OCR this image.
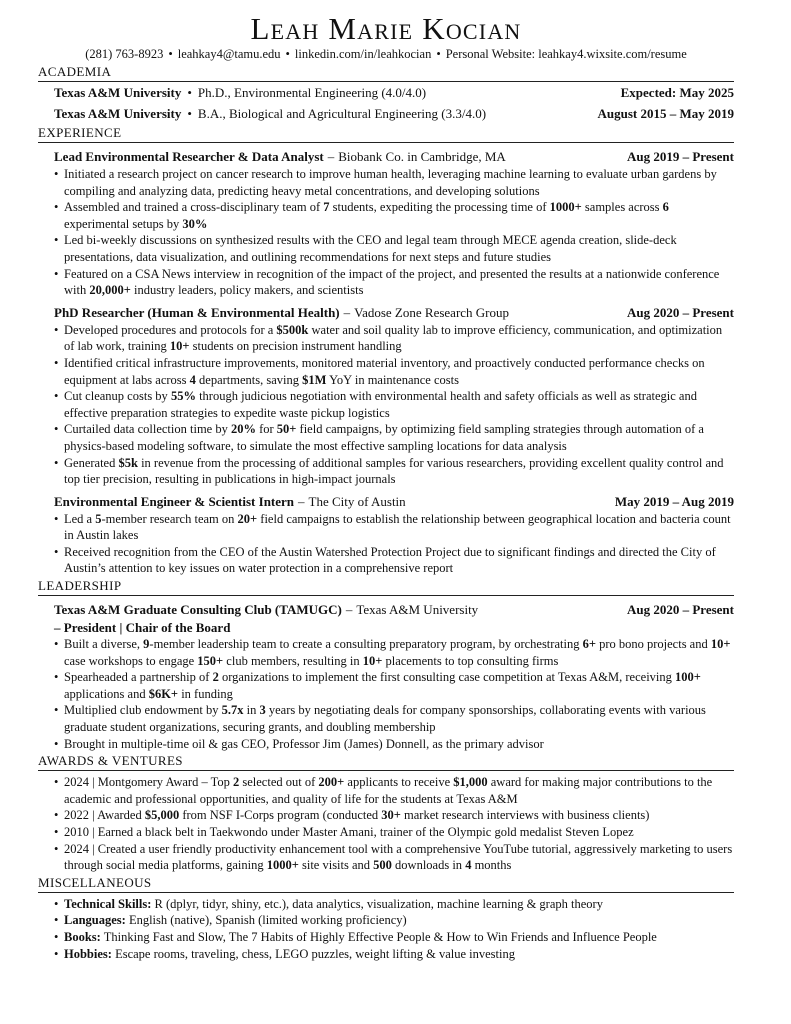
Leah Marie Kocian
(281) 763-8923 • leahkay4@tamu.edu • linkedin.com/in/leahkocian • Personal Website: leahkay4.wixsite.com/resume
ACADEMIA
Texas A&M University • Ph.D., Environmental Engineering (4.0/4.0)	Expected: May 2025
Texas A&M University • B.A., Biological and Agricultural Engineering (3.3/4.0)	August 2015 – May 2019
EXPERIENCE
Lead Environmental Researcher & Data Analyst – Biobank Co. in Cambridge, MA	Aug 2019 – Present
• Initiated a research project on cancer research to improve human health, leveraging machine learning to evaluate urban gardens by compiling and analyzing data, predicting heavy metal concentrations, and developing solutions
• Assembled and trained a cross-disciplinary team of 7 students, expediting the processing time of 1000+ samples across 6 experimental setups by 30%
• Led bi-weekly discussions on synthesized results with the CEO and legal team through MECE agenda creation, slide-deck presentations, data visualization, and outlining recommendations for next steps and future studies
• Featured on a CSA News interview in recognition of the impact of the project, and presented the results at a nationwide conference with 20,000+ industry leaders, policy makers, and scientists
PhD Researcher (Human & Environmental Health) – Vadose Zone Research Group	Aug 2020 – Present
• Developed procedures and protocols for a $500k water and soil quality lab to improve efficiency, communication, and optimization of lab work, training 10+ students on precision instrument handling
• Identified critical infrastructure improvements, monitored material inventory, and proactively conducted performance checks on equipment at labs across 4 departments, saving $1M YoY in maintenance costs
• Cut cleanup costs by 55% through judicious negotiation with environmental health and safety officials as well as strategic and effective preparation strategies to expedite waste pickup logistics
• Curtailed data collection time by 20% for 50+ field campaigns, by optimizing field sampling strategies through automation of a physics-based modeling software, to simulate the most effective sampling locations for data analysis
• Generated $5k in revenue from the processing of additional samples for various researchers, providing excellent quality control and top tier precision, resulting in publications in high-impact journals
Environmental Engineer & Scientist Intern – The City of Austin	May 2019 – Aug 2019
• Led a 5-member research team on 20+ field campaigns to establish the relationship between geographical location and bacteria count in Austin lakes
• Received recognition from the CEO of the Austin Watershed Protection Project due to significant findings and directed the City of Austin’s attention to key issues on water protection in a comprehensive report
LEADERSHIP
Texas A&M Graduate Consulting Club (TAMUGC) – Texas A&M University	Aug 2020 – Present
– President | Chair of the Board
• Built a diverse, 9-member leadership team to create a consulting preparatory program, by orchestrating 6+ pro bono projects and 10+ case workshops to engage 150+ club members, resulting in 10+ placements to top consulting firms
• Spearheaded a partnership of 2 organizations to implement the first consulting case competition at Texas A&M, receiving 100+ applications and $6K+ in funding
• Multiplied club endowment by 5.7x in 3 years by negotiating deals for company sponsorships, collaborating events with various graduate student organizations, securing grants, and doubling membership
• Brought in multiple-time oil & gas CEO, Professor Jim (James) Donnell, as the primary advisor
AWARDS & VENTURES
• 2024 | Montgomery Award – Top 2 selected out of 200+ applicants to receive $1,000 award for making major contributions to the academic and professional opportunities, and quality of life for the students at Texas A&M
• 2022 | Awarded $5,000 from NSF I-Corps program (conducted 30+ market research interviews with business clients)
• 2010 | Earned a black belt in Taekwondo under Master Amani, trainer of the Olympic gold medalist Steven Lopez
• 2024 | Created a user friendly productivity enhancement tool with a comprehensive YouTube tutorial, aggressively marketing to users through social media platforms, gaining 1000+ site visits and 500 downloads in 4 months
MISCELLANEOUS
• Technical Skills: R (dplyr, tidyr, shiny, etc.), data analytics, visualization, machine learning & graph theory
• Languages: English (native), Spanish (limited working proficiency)
• Books: Thinking Fast and Slow, The 7 Habits of Highly Effective People & How to Win Friends and Influence People
• Hobbies: Escape rooms, traveling, chess, LEGO puzzles, weight lifting & value investing
